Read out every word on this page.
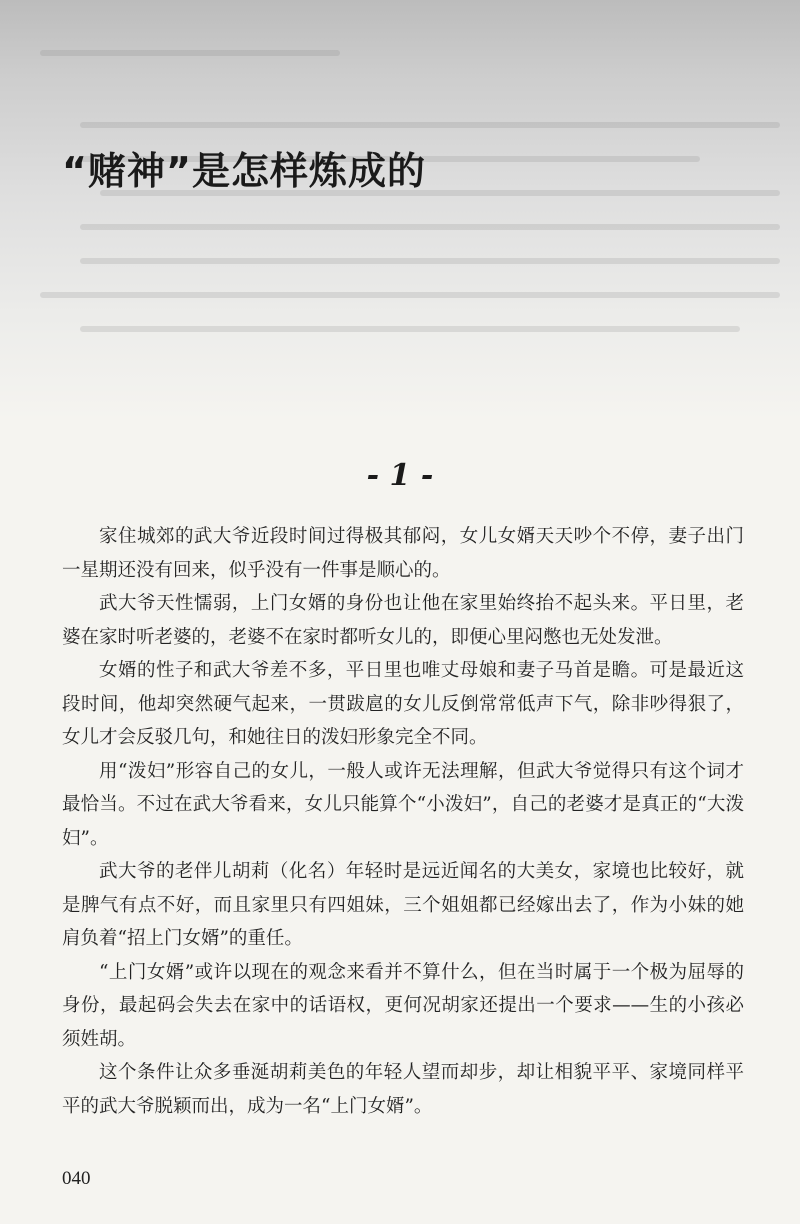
“赌神”是怎样炼成的
- 1 -

家住城郊的武大爷近段时间过得极其郁闷，女儿女婿天天吵个不停，妻子出门一星期还没有回来，似乎没有一件事是顺心的。

武大爷天性懦弱，上门女婿的身份也让他在家里始终抬不起头来。平日里，老婆在家时听老婆的，老婆不在家时都听女儿的，即便心里闷憋也无处发泄。

女婿的性子和武大爷差不多，平日里也唯丈母娘和妻子马首是瞻。可是最近这段时间，他却突然硬气起来，一贯跋扈的女儿反倒常常低声下气，除非吵得狠了，女儿才会反驳几句，和她往日的泼妇形象完全不同。

用“泼妇”形容自己的女儿，一般人或许无法理解，但武大爷觉得只有这个词才最恰当。不过在武大爷看来，女儿只能算个“小泼妇”，自己的老婆才是真正的“大泼妇”。

武大爷的老伴儿胡莉（化名）年轻时是远近闻名的大美女，家境也比较好，就是脾气有点不好，而且家里只有四姐妹，三个姐姐都已经嫁出去了，作为小妹的她肩负着“招上门女婿”的重任。

“上门女婿”或许以现在的观念来看并不算什么，但在当时属于一个极为屈辱的身份，最起码会失去在家中的话语权，更何况胡家还提出一个要求——生的小孩必须姓胡。

这个条件让众多垂涎胡莉美色的年轻人望而却步，却让相貌平平、家境同样平平的武大爷脱颖而出，成为一名“上门女婿”。

040
